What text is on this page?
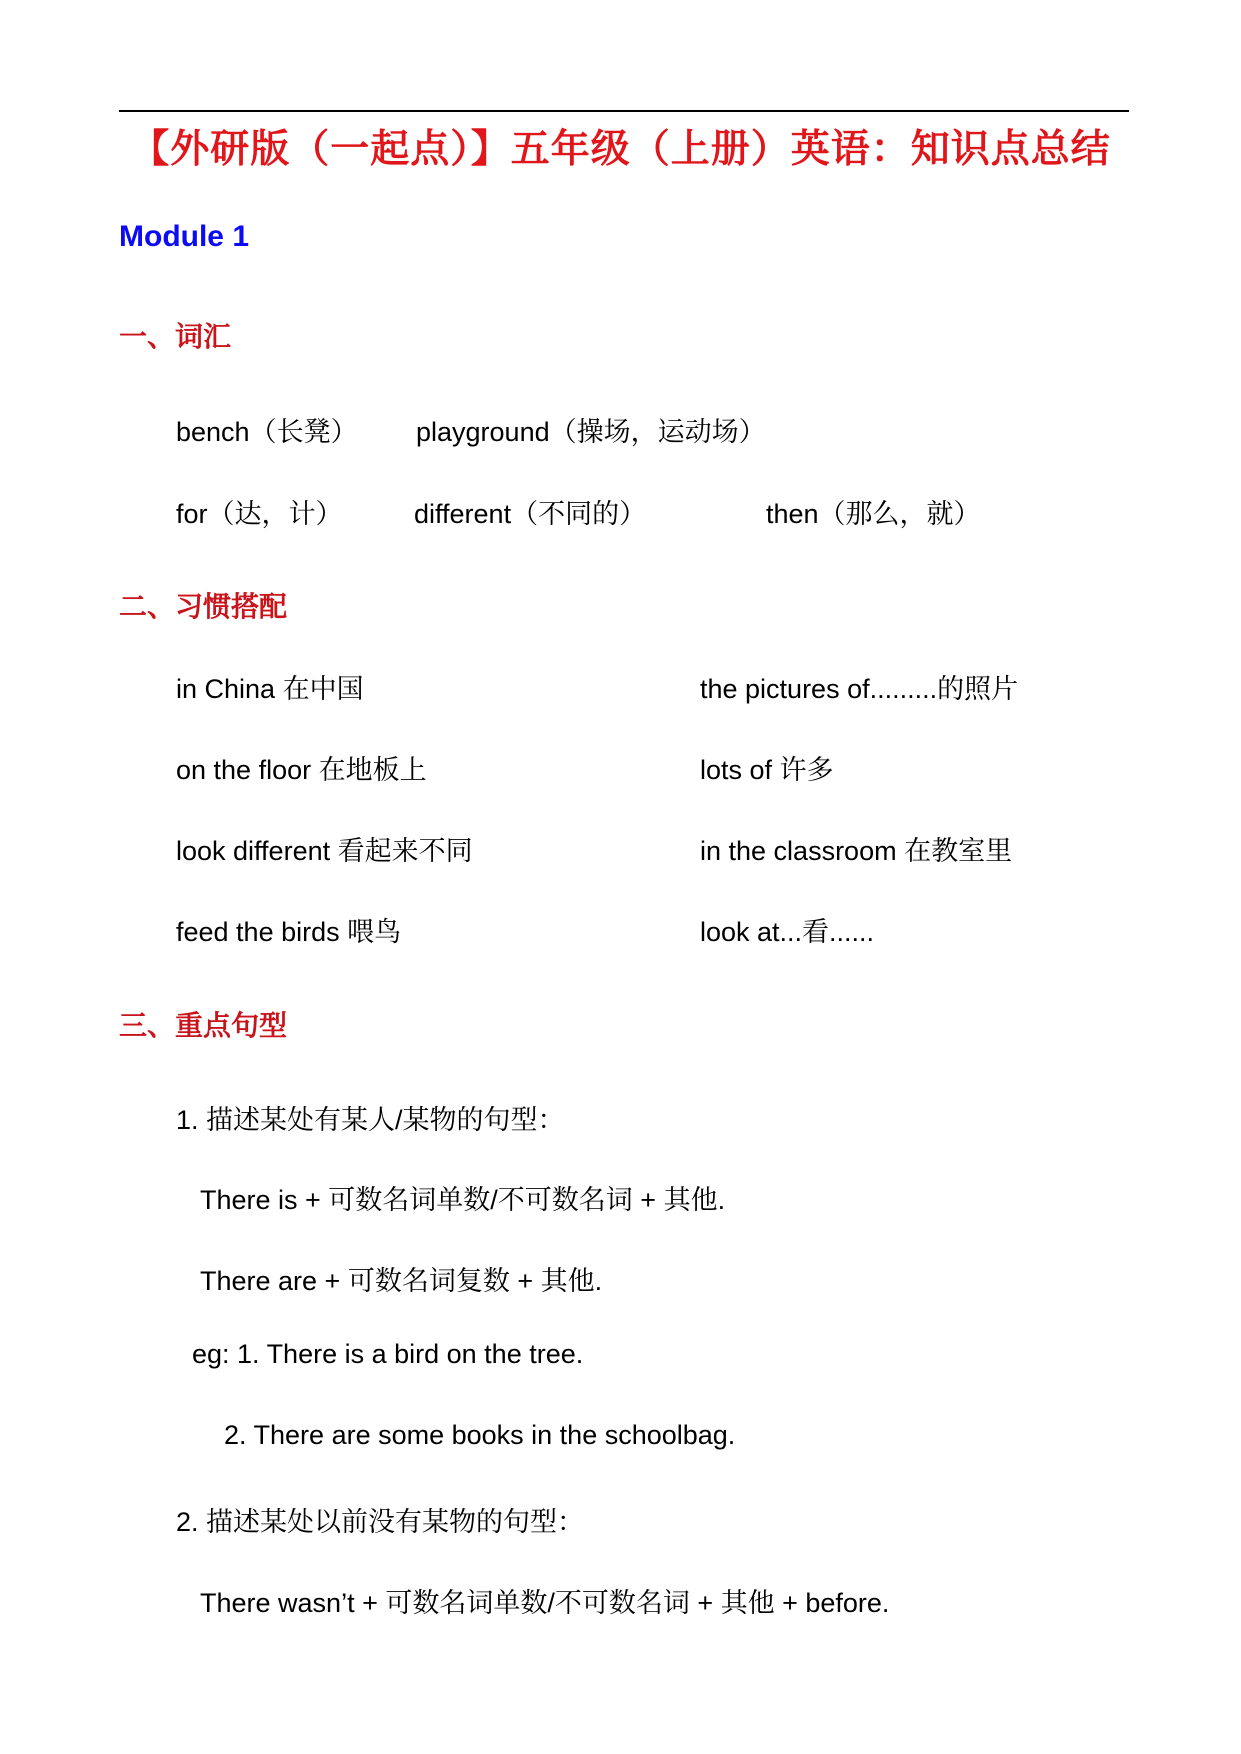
【外研版（一起点）】五年级（上册）英语：知识点总结
Module 1
一、词汇
bench（长凳） playground（操场，运动场）
for（达，计）	different（不同的）	then（那么，就）
二、习惯搭配
in China 在中国	the pictures of.........的照片
on the floor 在地板上	lots of 许多
look different 看起来不同	in the classroom 在教室里
feed the birds 喂鸟	look at...看......
三、重点句型
1. 描述某处有某人/某物的句型：
There is + 可数名词单数/不可数名词 + 其他.
There are + 可数名词复数 + 其他.
eg: 1. There is a bird on the tree.
2. There are some books in the schoolbag.
2. 描述某处以前没有某物的句型：
There wasn’t + 可数名词单数/不可数名词 + 其他 + before.
